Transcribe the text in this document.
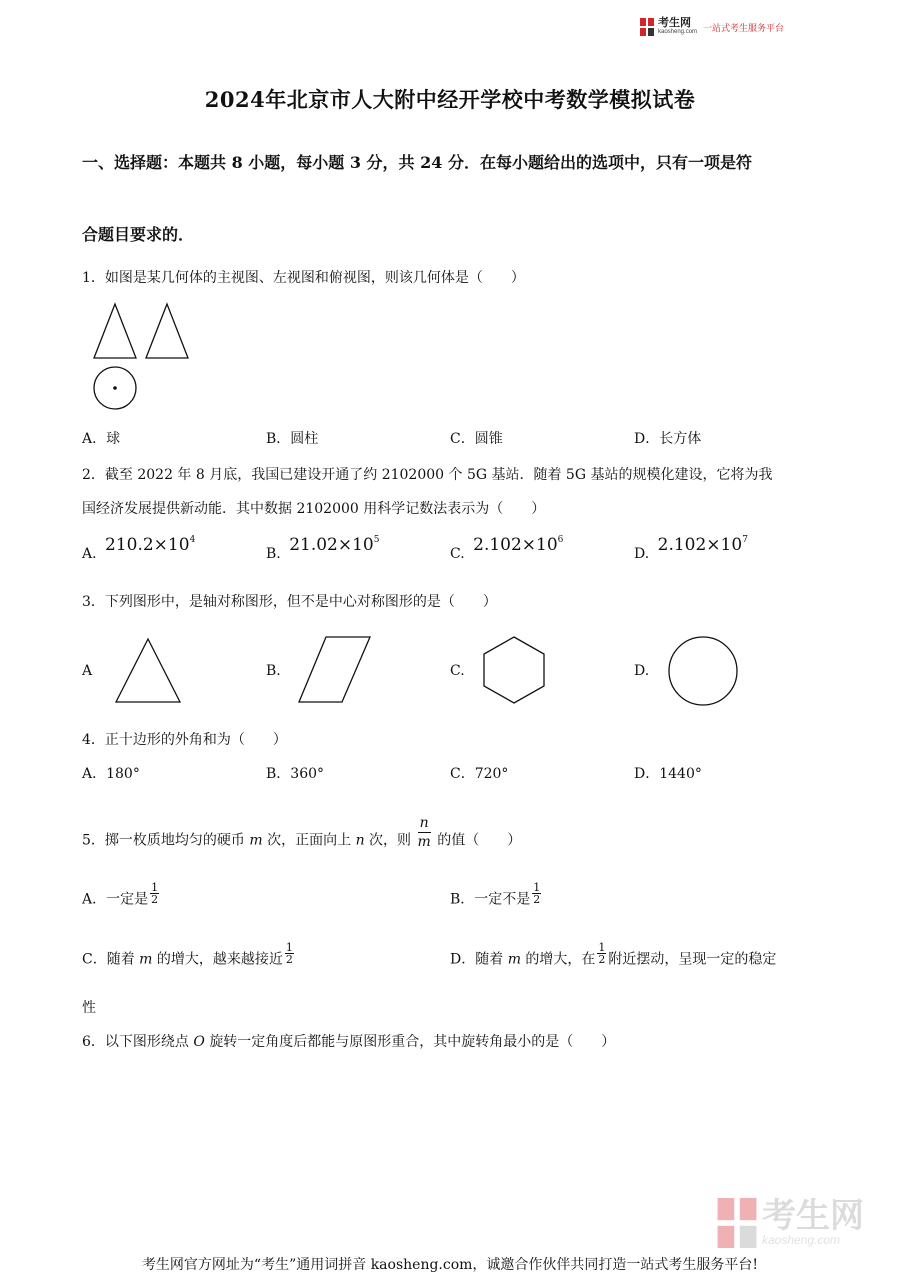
考生网
kaosheng.com 一站式考生服务平台
2024年北京市人大附中经开学校中考数学模拟试卷
一、选择题：本题共 8 小题，每小题 3 分，共 24 分．在每小题给出的选项中，只有一项是符
合题目要求的．
1．如图是某几何体的主视图、左视图和俯视图，则该几何体是（　　）
A．球	B．圆柱	C．圆锥	D．长方体
2．截至 2022 年 8 月底，我国已建设开通了约 2102000 个 5G 基站．随着 5G 基站的规模化建设，它将为我
国经济发展提供新动能．其中数据 2102000 用科学记数法表示为（　　）
A. $210.2\times 10^4$
B. $21.02\times 10^5$
C. $2.102\times 10^6$
D. $2.102\times 10^7$
3．下列图形中，是轴对称图形，但不是中心对称图形的是（　　）
A	B.	C.	D.
4．正十边形的外角和为（　　）
A．180°	B．360°	C．720°	D．1440°
5．掷一枚质地均匀的硬币 m 次，正面向上 n 次，则 $\frac{n}{m}$ 的值（　　）
A．一定是 $\frac{1}{2}$	B．一定不是 $\frac{1}{2}$
C．随着 m 的增大，越来越接近 $\frac{1}{2}$	D．随着 m 的增大，在 $\frac{1}{2}$ 附近摆动，呈现一定的稳定
性
6．以下图形绕点 O 旋转一定角度后都能与原图形重合，其中旋转角最小的是（　　）
考生网
kaosheng.com
考生网官方网址为“考生”通用词拼音 kaosheng.com，诚邀合作伙伴共同打造一站式考生服务平台!
